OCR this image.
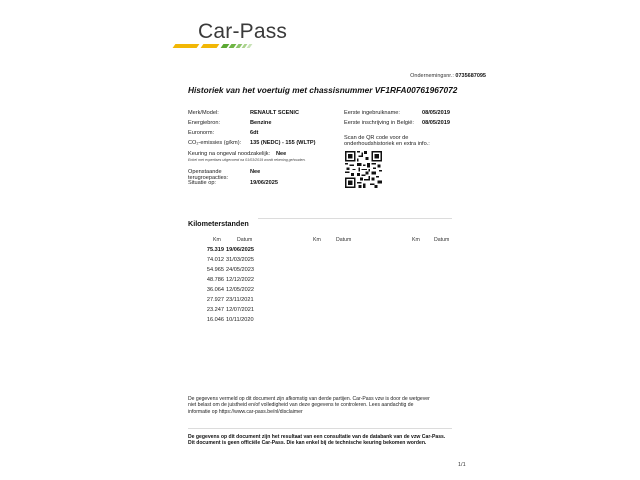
Car-Pass
Ondernemingsnr.: 0735687095
Historiek van het voertuig met chassisnummer VF1RFA00761967072
Merk/Model:	RENAULT SCENIC
Energiebron:	Benzine
Euronorm:	6dt
CO₂-emissies (g/km): 135 (NEDC) - 155 (WLTP)
Keuring na ongeval noodzakelijk: Nee
Enkel met expertises uitgevoerd na 01/03/2019 wordt rekening gehouden.
Openstaande
terugroepacties:
Nee
Situatie op:	19/06/2025
Eerste ingebruikname:	08/05/2019
Eerste inschrijving in België: 08/05/2019
Scan de QR code voor de
onderhoudshistoriek en extra info.:
Kilometerstanden
Km	Datum	Km	Datum	Km	Datum
75.319 19/06/2025
74.012 31/03/2025
54.965 24/05/2023
48.786 12/12/2022
36.064 12/05/2022
27.927 23/11/2021
23.247 12/07/2021
16.046 10/11/2020
De gegevens vermeld op dit document zijn afkomstig van derde partijen. Car-Pass vzw is door de wetgever
niet belast om de juistheid en/of volledigheid van deze gegevens te controleren. Lees aandachtig de
informatie op https://www.car-pass.be/nl/disclaimer
De gegevens op dit document zijn het resultaat van een consultatie van de databank van de vzw Car-Pass.
Dit document is geen officiële Car-Pass. Die kan enkel bij de technische keuring bekomen worden.
1/1
